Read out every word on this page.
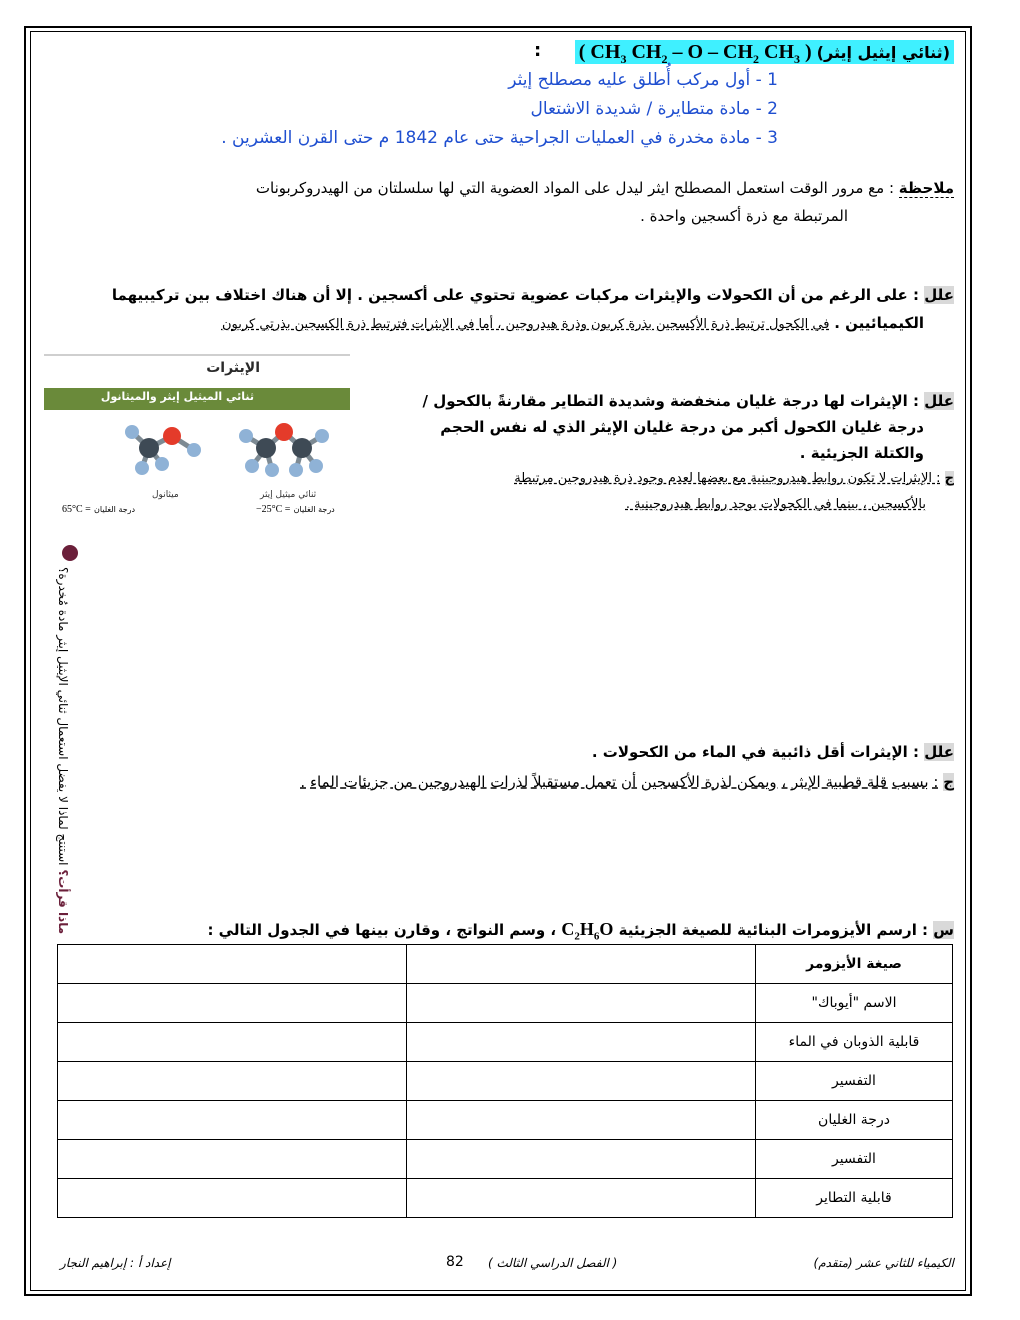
( $CH_3$ $CH_2$ – O – $CH_2$ $CH_3$ ) (ثنائي إيثيل إيثر)
:
1 - أول مركب أُطلق عليه مصطلح إيثر
2 - مادة متطايرة / شديدة الاشتعال
3 - مادة مخدرة في العمليات الجراحية حتى عام 1842 م حتى القرن العشرين .
ملاحظة : مع مرور الوقت استعمل المصطلح ايثر ليدل على المواد العضوية التي لها سلسلتان من الهيدروكربونات
المرتبطة مع ذرة أكسجين واحدة .
علل : على الرغم من أن الكحولات والإيثرات مركبات عضوية تحتوي على أكسجين . إلا أن هناك اختلاف بين تركيبيهما
الكيميائيين . في الكحول ترتبط ذرة الأكسجين بذرة كربون وذرة هيدروجين ، أما في الإيثرات فترتبط ذرة الكسجين بذرتي كربون
الإيثرات
ثنائي الميثيل إيثر والميثانول
ميثانول	ثنائي ميثيل إيثر
65°C = درجة الغليان	−25°C = درجة الغليان
علل : الإيثرات لها درجة غليان منخفضة وشديدة التطاير مقارنةً بالكحول /
درجة غليان الكحول أكبر من درجة غليان الإيثر الذي له نفس الحجم
والكتلة الجزيئية .
ج : الإيثرات لا تكون روابط هيدروجينية مع بعضها لعدم وجود ذرة هيدروجين مرتبطة
بالأكسجين ، بينما في الكحولات يوجد روابط هيدروجينية .
ماذا قرأت؟ استنتج لماذا لا يفضل استعمال ثنائي الإيثيل إيثر مادة مُخدرة؟	علل : الإيثرات أقل ذائبية في الماء من الكحولات .
ج : بسبب قلة قطبية الإيثر ، ويمكن لذرة الأكسجين أن تعمل مستقبلاً لذرات الهيدروجين من جزيئات الماء .
س : ارسم الأيزومرات البنائية للصيغة الجزيئية $C_2H_6O$ ، وسم النواتج ، وقارن بينها في الجدول التالي :
صيغة الأيزومر		
الاسم "أيوباك"		
قابلية الذوبان في الماء		
التفسير		
درجة الغليان		
التفسير		
قابلية التطاير		
الكيمياء للثاني عشر (متقدم)
( الفصل الدراسي الثالث )
82
إعداد أ : إبراهيم النجار
